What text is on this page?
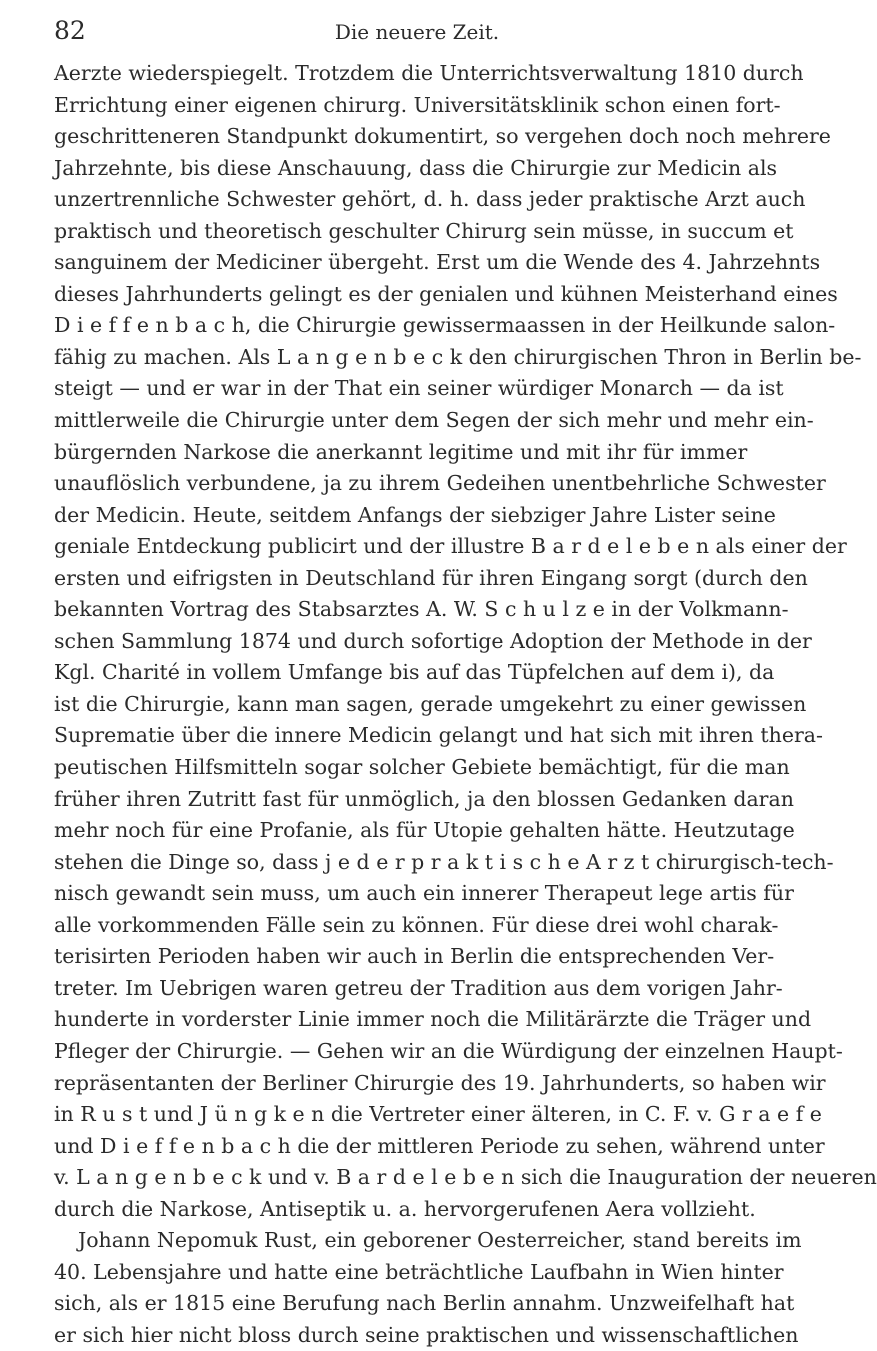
82	Die neuere Zeit.
Aerzte wiederspiegelt. Trotzdem die Unterrichtsverwaltung 1810 durch
Errichtung einer eigenen chirurg. Universitätsklinik schon einen fort-
geschritteneren Standpunkt dokumentirt, so vergehen doch noch mehrere
Jahrzehnte, bis diese Anschauung, dass die Chirurgie zur Medicin als
unzertrennliche Schwester gehört, d. h. dass jeder praktische Arzt auch
praktisch und theoretisch geschulter Chirurg sein müsse, in succum et
sanguinem der Mediciner übergeht. Erst um die Wende des 4. Jahrzehnts
dieses Jahrhunderts gelingt es der genialen und kühnen Meisterhand eines
D i e f f e n b a c h, die Chirurgie gewissermaassen in der Heilkunde salon-
fähig zu machen. Als L a n g e n b e c k den chirurgischen Thron in Berlin be-
steigt — und er war in der That ein seiner würdiger Monarch — da ist
mittlerweile die Chirurgie unter dem Segen der sich mehr und mehr ein-
bürgernden Narkose die anerkannt legitime und mit ihr für immer
unauflöslich verbundene, ja zu ihrem Gedeihen unentbehrliche Schwester
der Medicin. Heute, seitdem Anfangs der siebziger Jahre Lister seine
geniale Entdeckung publicirt und der illustre B a r d e l e b e n als einer der
ersten und eifrigsten in Deutschland für ihren Eingang sorgt (durch den
bekannten Vortrag des Stabsarztes A. W. S c h u l z e in der Volkmann-
schen Sammlung 1874 und durch sofortige Adoption der Methode in der
Kgl. Charité in vollem Umfange bis auf das Tüpfelchen auf dem i), da
ist die Chirurgie, kann man sagen, gerade umgekehrt zu einer gewissen
Suprematie über die innere Medicin gelangt und hat sich mit ihren thera-
peutischen Hilfsmitteln sogar solcher Gebiete bemächtigt, für die man
früher ihren Zutritt fast für unmöglich, ja den blossen Gedanken daran
mehr noch für eine Profanie, als für Utopie gehalten hätte. Heutzutage
stehen die Dinge so, dass j e d e r p r a k t i s c h e A r z t chirurgisch-tech-
nisch gewandt sein muss, um auch ein innerer Therapeut lege artis für
alle vorkommenden Fälle sein zu können. Für diese drei wohl charak-
terisirten Perioden haben wir auch in Berlin die entsprechenden Ver-
treter. Im Uebrigen waren getreu der Tradition aus dem vorigen Jahr-
hunderte in vorderster Linie immer noch die Militärärzte die Träger und
Pfleger der Chirurgie. — Gehen wir an die Würdigung der einzelnen Haupt-
repräsentanten der Berliner Chirurgie des 19. Jahrhunderts, so haben wir
in R u s t und J ü n g k e n die Vertreter einer älteren, in C. F. v. G r a e f e
und D i e f f e n b a c h die der mittleren Periode zu sehen, während unter
v. L a n g e n b e c k und v. B a r d e l e b e n sich die Inauguration der neueren
durch die Narkose, Antiseptik u. a. hervorgerufenen Aera vollzieht.
Johann Nepomuk Rust, ein geborener Oesterreicher, stand bereits im
40. Lebensjahre und hatte eine beträchtliche Laufbahn in Wien hinter
sich, als er 1815 eine Berufung nach Berlin annahm. Unzweifelhaft hat
er sich hier nicht bloss durch seine praktischen und wissenschaftlichen
